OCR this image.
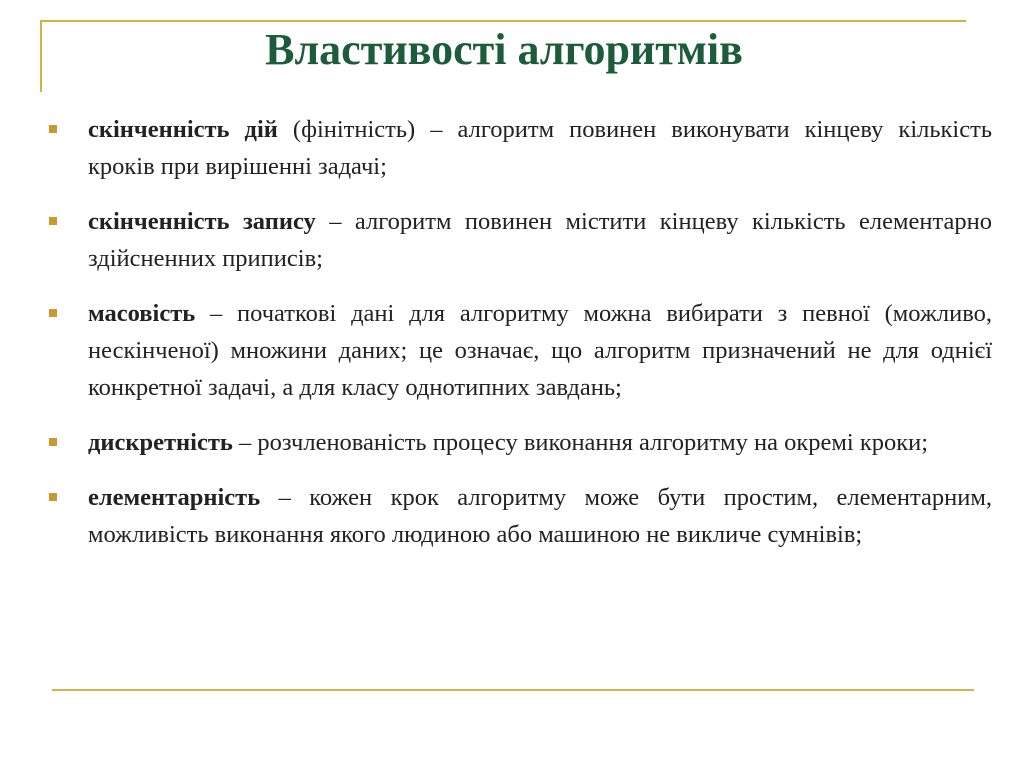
Властивості алгоритмів
скінченність дій (фінітність) – алгоритм повинен виконувати кінцеву кількість кроків при вирішенні задачі;
скінченність запису – алгоритм повинен містити кінцеву кількість елементарно здійсненних приписів;
масовість – початкові дані для алгоритму можна вибирати з певної (можливо, нескінченої) множини даних; це означає, що алгоритм призначений не для однієї конкретної задачі, а для класу однотипних завдань;
дискретність – розчленованість процесу виконання алгоритму на окремі кроки;
елементарність – кожен крок алгоритму може бути простим, елементарним, можливість виконання якого людиною або машиною не викличе сумнівів;
